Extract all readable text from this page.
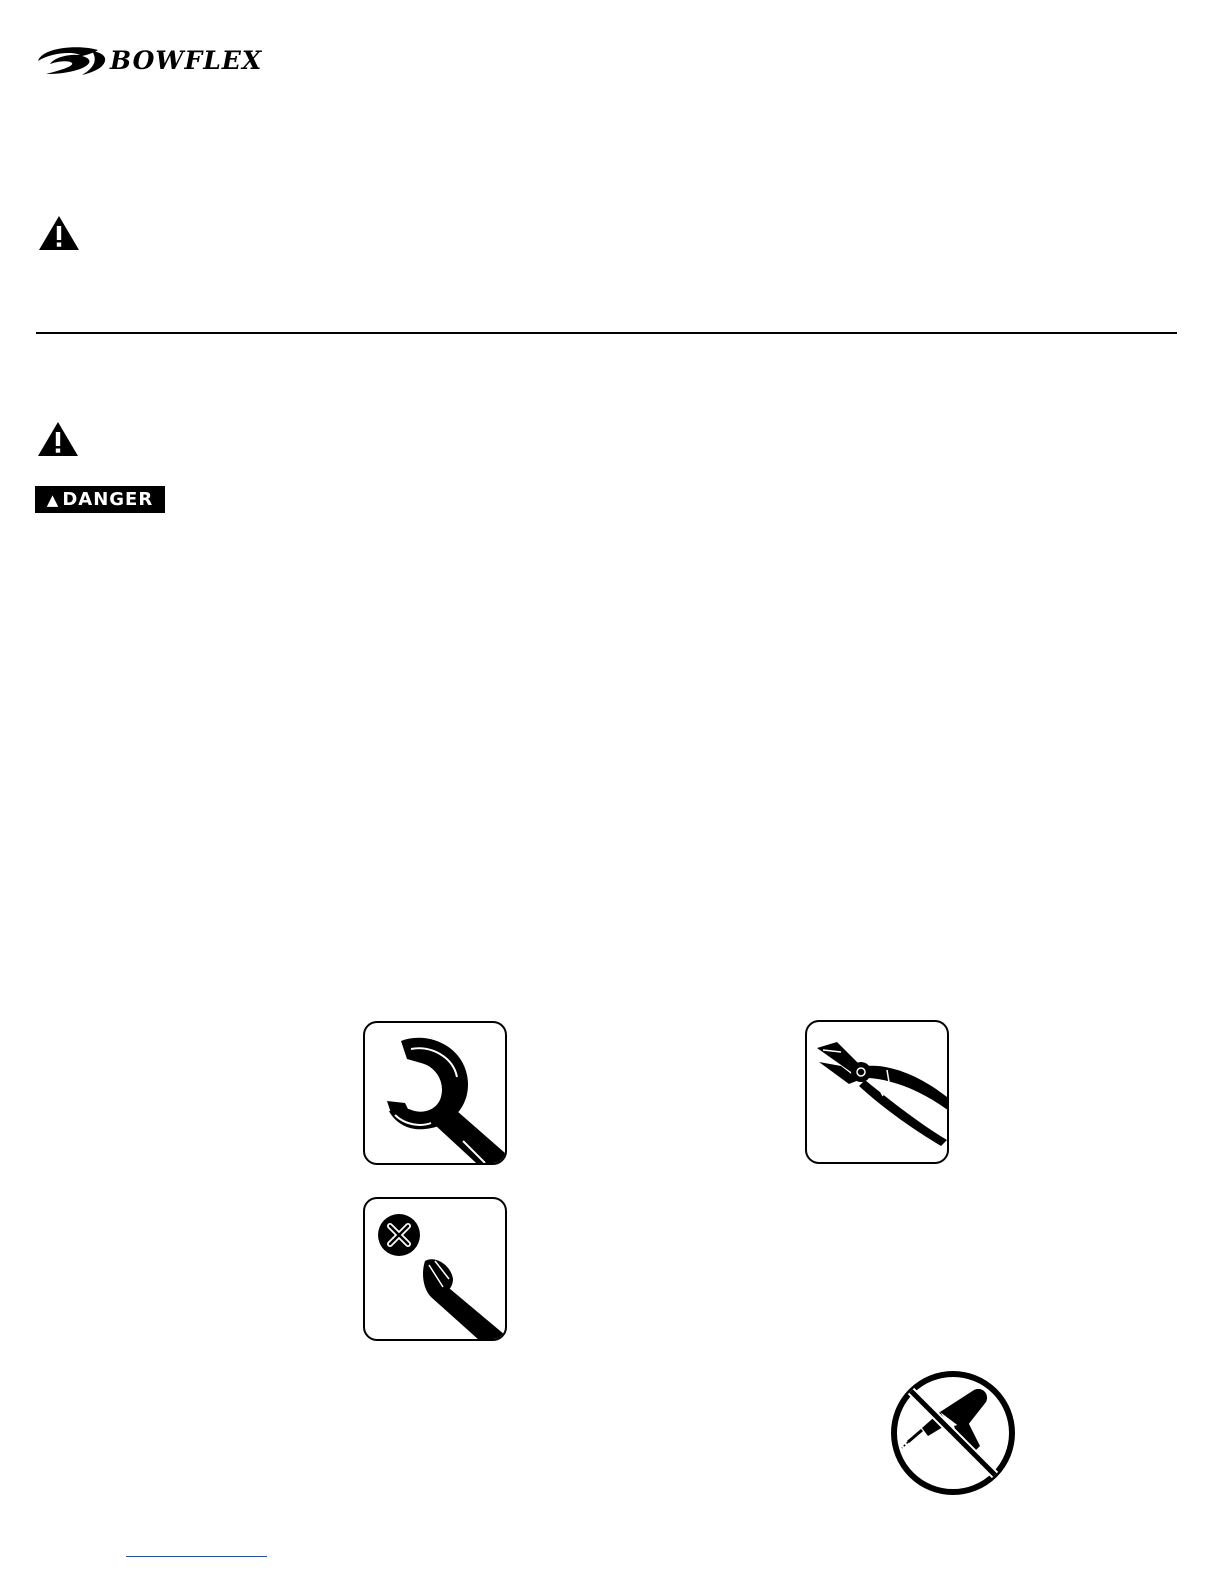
BOWFLEX
▲ DANGER
